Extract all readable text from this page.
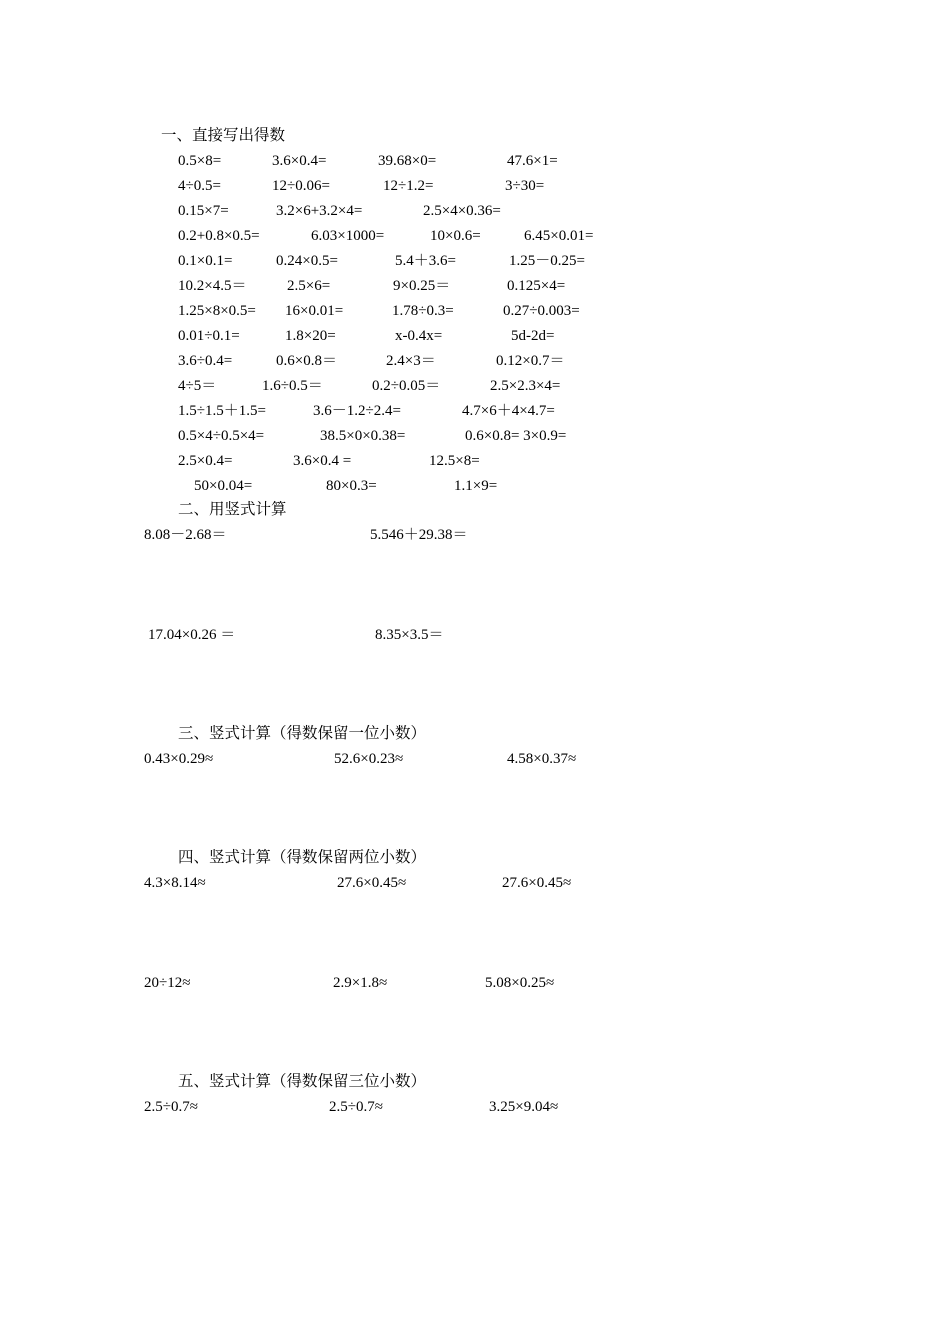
一、直接写出得数
0.5×8=	3.6×0.4=	39.68×0=	47.6×1=
4÷0.5=	12÷0.06=	12÷1.2=	3÷30=
0.15×7=	3.2×6+3.2×4=	2.5×4×0.36=
0.2+0.8×0.5=	6.03×1000=	10×0.6=	6.45×0.01=
0.1×0.1=	0.24×0.5=	5.4＋3.6=	1.25－0.25=
10.2×4.5＝	2.5×6=	9×0.25＝	0.125×4=
1.25×8×0.5= 16×0.01=	1.78÷0.3=	0.27÷0.003=
0.01÷0.1=	1.8×20=	x-0.4x=	5d-2d=
3.6÷0.4=	0.6×0.8＝	2.4×3＝	0.12×0.7＝
4÷5＝	1.6÷0.5＝	0.2÷0.05＝	2.5×2.3×4=
1.5÷1.5＋1.5=	3.6－1.2÷2.4=	4.7×6＋4×4.7=
0.5×4÷0.5×4=	38.5×0×0.38=	0.6×0.8= 3×0.9=
2.5×0.4=	3.6×0.4 =	12.5×8=
50×0.04=	80×0.3=	1.1×9=
二、用竖式计算
8.08－2.68＝	5.546＋29.38＝
17.04×0.26 ＝	8.35×3.5＝
三、竖式计算（得数保留一位小数）
0.43×0.29≈	52.6×0.23≈	4.58×0.37≈
四、竖式计算（得数保留两位小数）
4.3×8.14≈	27.6×0.45≈	27.6×0.45≈
20÷12≈	2.9×1.8≈	5.08×0.25≈
五、竖式计算（得数保留三位小数）
2.5÷0.7≈	2.5÷0.7≈	3.25×9.04≈
